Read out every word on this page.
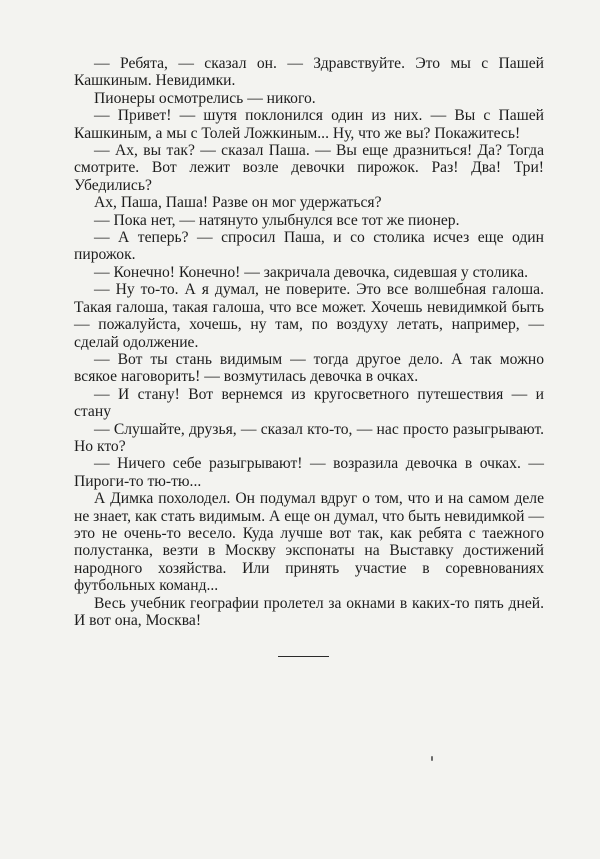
— Ребята, — сказал он. — Здравствуйте. Это мы с Пашей Кашкиным. Невидимки.

Пионеры осмотрелись — никого.

— Привет! — шутя поклонился один из них. — Вы с Пашей Кашкиным, а мы с Толей Ложкиным... Ну, что же вы? Покажитесь!

— Ах, вы так? — сказал Паша. — Вы еще дразниться! Да? Тогда смотрите. Вот лежит возле девочки пирожок. Раз! Два! Три! Убедились?

Ах, Паша, Паша! Разве он мог удержаться?

— Пока нет, — натянуто улыбнулся все тот же пионер.

— А теперь? — спросил Паша, и со столика исчез еще один пирожок.

— Конечно! Конечно! — закричала девочка, сидевшая у столика.

— Ну то-то. А я думал, не поверите. Это все волшебная галоша. Такая галоша, такая галоша, что все может. Хочешь невидимкой быть — пожалуйста, хочешь, ну там, по воздуху летать, например, — сделай одолжение.

— Вот ты стань видимым — тогда другое дело. А так можно всякое наговорить! — возмутилась девочка в очках.

— И стану! Вот вернемся из кругосветного путешествия — и стану

— Слушайте, друзья, — сказал кто-то, — нас просто разыгрывают. Но кто?

— Ничего себе разыгрывают! — возразила девочка в очках. — Пироги-то тю-тю...

А Димка похолодел. Он подумал вдруг о том, что и на самом деле не знает, как стать видимым. А еще он думал, что быть невидимкой — это не очень-то весело. Куда лучше вот так, как ребята с таежного полустанка, везти в Москву экспонаты на Выставку достижений народного хозяйства. Или принять участие в соревнованиях футбольных команд...

Весь учебник географии пролетел за окнами в каких-то пять дней. И вот она, Москва!
